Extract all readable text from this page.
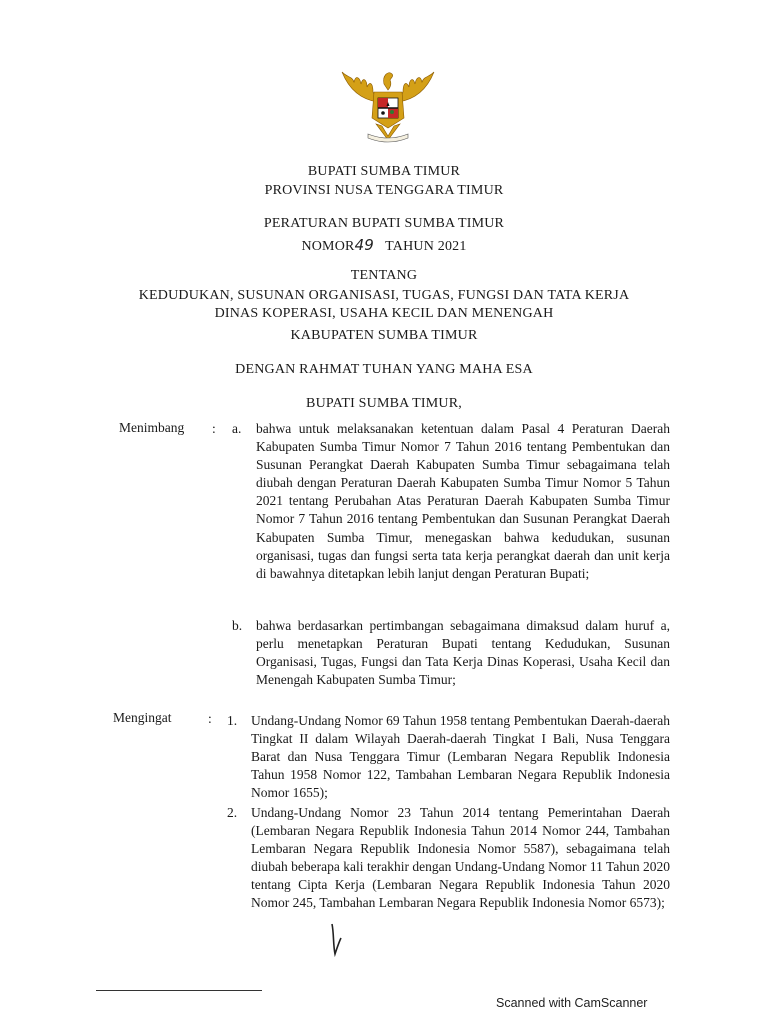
BUPATI SUMBA TIMUR
PROVINSI NUSA TENGGARA TIMUR
PERATURAN BUPATI SUMBA TIMUR
NOMOR49 TAHUN 2021
TENTANG
KEDUDUKAN, SUSUNAN ORGANISASI, TUGAS, FUNGSI DAN TATA KERJA
DINAS KOPERASI, USAHA KECIL DAN MENENGAH
KABUPATEN SUMBA TIMUR
DENGAN RAHMAT TUHAN YANG MAHA ESA
BUPATI SUMBA TIMUR,
Menimbang : a. bahwa untuk melaksanakan ketentuan dalam Pasal 4 Peraturan Daerah Kabupaten Sumba Timur Nomor 7 Tahun 2016 tentang Pembentukan dan Susunan Perangkat Daerah Kabupaten Sumba Timur sebagaimana telah diubah dengan Peraturan Daerah Kabupaten Sumba Timur Nomor 5 Tahun 2021 tentang Perubahan Atas Peraturan Daerah Kabupaten Sumba Timur Nomor 7 Tahun 2016 tentang Pembentukan dan Susunan Perangkat Daerah Kabupaten Sumba Timur, menegaskan bahwa kedudukan, susunan organisasi, tugas dan fungsi serta tata kerja perangkat daerah dan unit kerja di bawahnya ditetapkan lebih lanjut dengan Peraturan Bupati;
b. bahwa berdasarkan pertimbangan sebagaimana dimaksud dalam huruf a, perlu menetapkan Peraturan Bupati tentang Kedudukan, Susunan Organisasi, Tugas, Fungsi dan Tata Kerja Dinas Koperasi, Usaha Kecil dan Menengah Kabupaten Sumba Timur;
Mengingat	: 1. Undang-Undang Nomor 69 Tahun 1958 tentang Pembentukan Daerah-daerah Tingkat II dalam Wilayah Daerah-daerah Tingkat I Bali, Nusa Tenggara Barat dan Nusa Tenggara Timur (Lembaran Negara Republik Indonesia Tahun 1958 Nomor 122, Tambahan Lembaran Negara Republik Indonesia Nomor 1655);
2. Undang-Undang Nomor 23 Tahun 2014 tentang Pemerintahan Daerah (Lembaran Negara Republik Indonesia Tahun 2014 Nomor 244, Tambahan Lembaran Negara Republik Indonesia Nomor 5587), sebagaimana telah diubah beberapa kali terakhir dengan Undang-Undang Nomor 11 Tahun 2020 tentang Cipta Kerja (Lembaran Negara Republik Indonesia Tahun 2020 Nomor 245, Tambahan Lembaran Negara Republik Indonesia Nomor 6573);
Scanned with CamScanner
